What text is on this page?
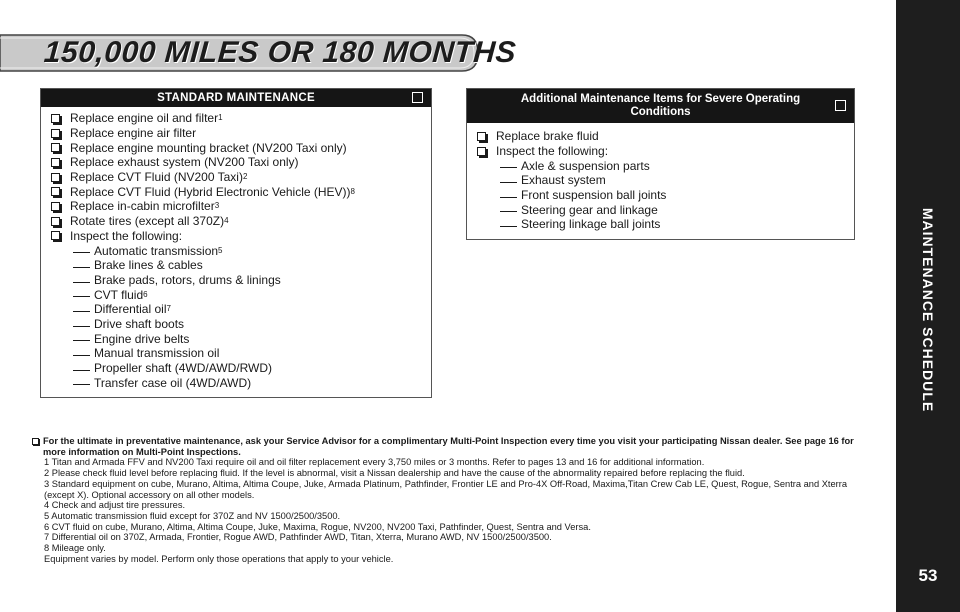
150,000 MILES OR 180 MONTHS
MAINTENANCE SCHEDULE
53
STANDARD MAINTENANCE
Replace engine oil and filter 1
Replace engine air filter
Replace engine mounting bracket (NV200 Taxi only)
Replace exhaust system (NV200 Taxi only)
Replace CVT Fluid (NV200 Taxi) 2
Replace CVT Fluid (Hybrid Electronic Vehicle (HEV)) 8
Replace in-cabin microfilter 3
Rotate tires (except all 370Z) 4
Inspect the following:
Automatic transmission 5
Brake lines & cables
Brake pads, rotors, drums & linings
CVT fluid 6
Differential oil 7
Drive shaft boots
Engine drive belts
Manual transmission oil
Propeller shaft (4WD/AWD/RWD)
Transfer case oil (4WD/AWD)
Additional Maintenance Items for Severe Operating
Conditions
Replace brake fluid
Inspect the following:
Axle & suspension parts
Exhaust system
Front suspension ball joints
Steering gear and linkage
Steering linkage ball joints

For the ultimate in preventative maintenance, ask your Service Advisor for a complimentary Multi-Point Inspection every time you visit your participating Nissan dealer. See page 16 for more information on Multi-Point Inspections.

1 Titan and Armada FFV and NV200 Taxi require oil and oil filter replacement every 3,750 miles or 3 months. Refer to pages 13 and 16 for additional information.

2 Please check fluid level before replacing fluid. If the level is abnormal, visit a Nissan dealership and have the cause of the abnormality repaired before replacing the fluid.

3 Standard equipment on cube, Murano, Altima, Altima Coupe, Juke, Armada Platinum, Pathfinder, Frontier LE and Pro-4X Off-Road, Maxima,Titan Crew Cab LE, Quest, Rogue, Sentra and Xterra (except X). Optional accessory on all other models.

4 Check and adjust tire pressures.

5 Automatic transmission fluid except for 370Z and NV 1500/2500/3500.

6 CVT fluid on cube, Murano, Altima, Altima Coupe, Juke, Maxima, Rogue, NV200, NV200 Taxi, Pathfinder, Quest, Sentra and Versa.

7 Differential oil on 370Z, Armada, Frontier, Rogue AWD, Pathfinder AWD, Titan, Xterra, Murano AWD, NV 1500/2500/3500.

8 Mileage only.

Equipment varies by model. Perform only those operations that apply to your vehicle.
